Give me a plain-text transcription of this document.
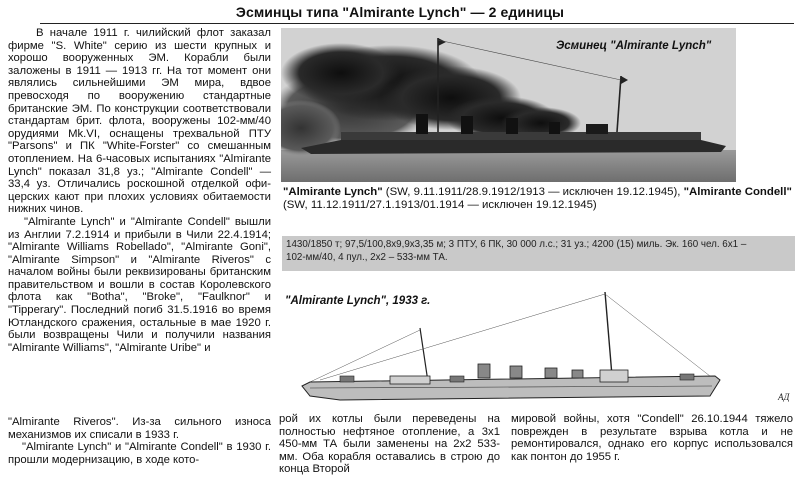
Эсминцы типа "Almirante Lynch" — 2 единицы

В начале 1911 г. чилийский флот заказал фирме "S. White" серию из шести крупных и хорошо вооруженных ЭМ. Корабли были заложены в 1911 — 1913 гг. На тот момент они являлись сильнейшими ЭМ мира, вдвое превосходя по вооружению стандартные британские ЭМ. По конструкции соответствовали стандартам брит. флота, вооружены 102-мм/40 орудиями Mk.VI, оснащены трехвальной ПТУ "Parsons" и ПК "White-Forster" со смешанным отоплением. На 6-часовых испытаниях "Almirante Lynch" показал 31,8 уз.; "Almirante Condell" — 33,4 уз. Отличались роскошной отделкой офи-церских кают при плохих условиях обитаемости нижних чинов.

"Almirante Lynch" и "Almirante Condell" вышли из Англии 7.2.1914 и прибыли в Чили 22.4.1914; "Almirante Williams Robellado", "Almirante Goni", "Almirante Simpson" и "Almirante Riveros" с началом войны были реквизированы британским правительством и вошли в состав Королевского флота как "Botha", "Broke", "Faulknor" и "Tipperary". Последний погиб 31.5.1916 во время Ютландского сражения, остальные в мае 1920 г. были возвращены Чили и получили названия "Almirante Williams", "Almirante Uribe" и

Эсминец "Almirante Lynch"
"Almirante Lynch" (SW, 9.11.1911/28.9.1912/1913 — исключен 19.12.1945), "Almirante Condell" (SW, 11.12.1911/27.1.1913/01.1914 — исключен 19.12.1945)
1430/1850 т; 97,5/100,8х9,9х3,35 м; 3 ПТУ, 6 ПК, 30 000 л.с.; 31 уз.; 4200 (15) миль. Эк. 160 чел. 6х1 –
102-мм/40, 4 пул., 2х2 – 533-мм ТА.
"Almirante Lynch", 1933 г.
АД

"Almirante Riveros". Из-за сильного износа механизмов их списали в 1933 г.

"Almirante Lynch" и "Almirante Condell" в 1930 г. прошли модернизацию, в ходе кото-

рой их котлы были переведены на полностью нефтяное отопление, а 3х1 450-мм ТА были заменены на 2х2 533-мм. Оба корабля оставались в строю до конца Второй

мировой войны, хотя "Condell" 26.10.1944 тяжело поврежден в результате взрыва котла и не ремонтировался, однако его корпус использовался как понтон до 1955 г.
